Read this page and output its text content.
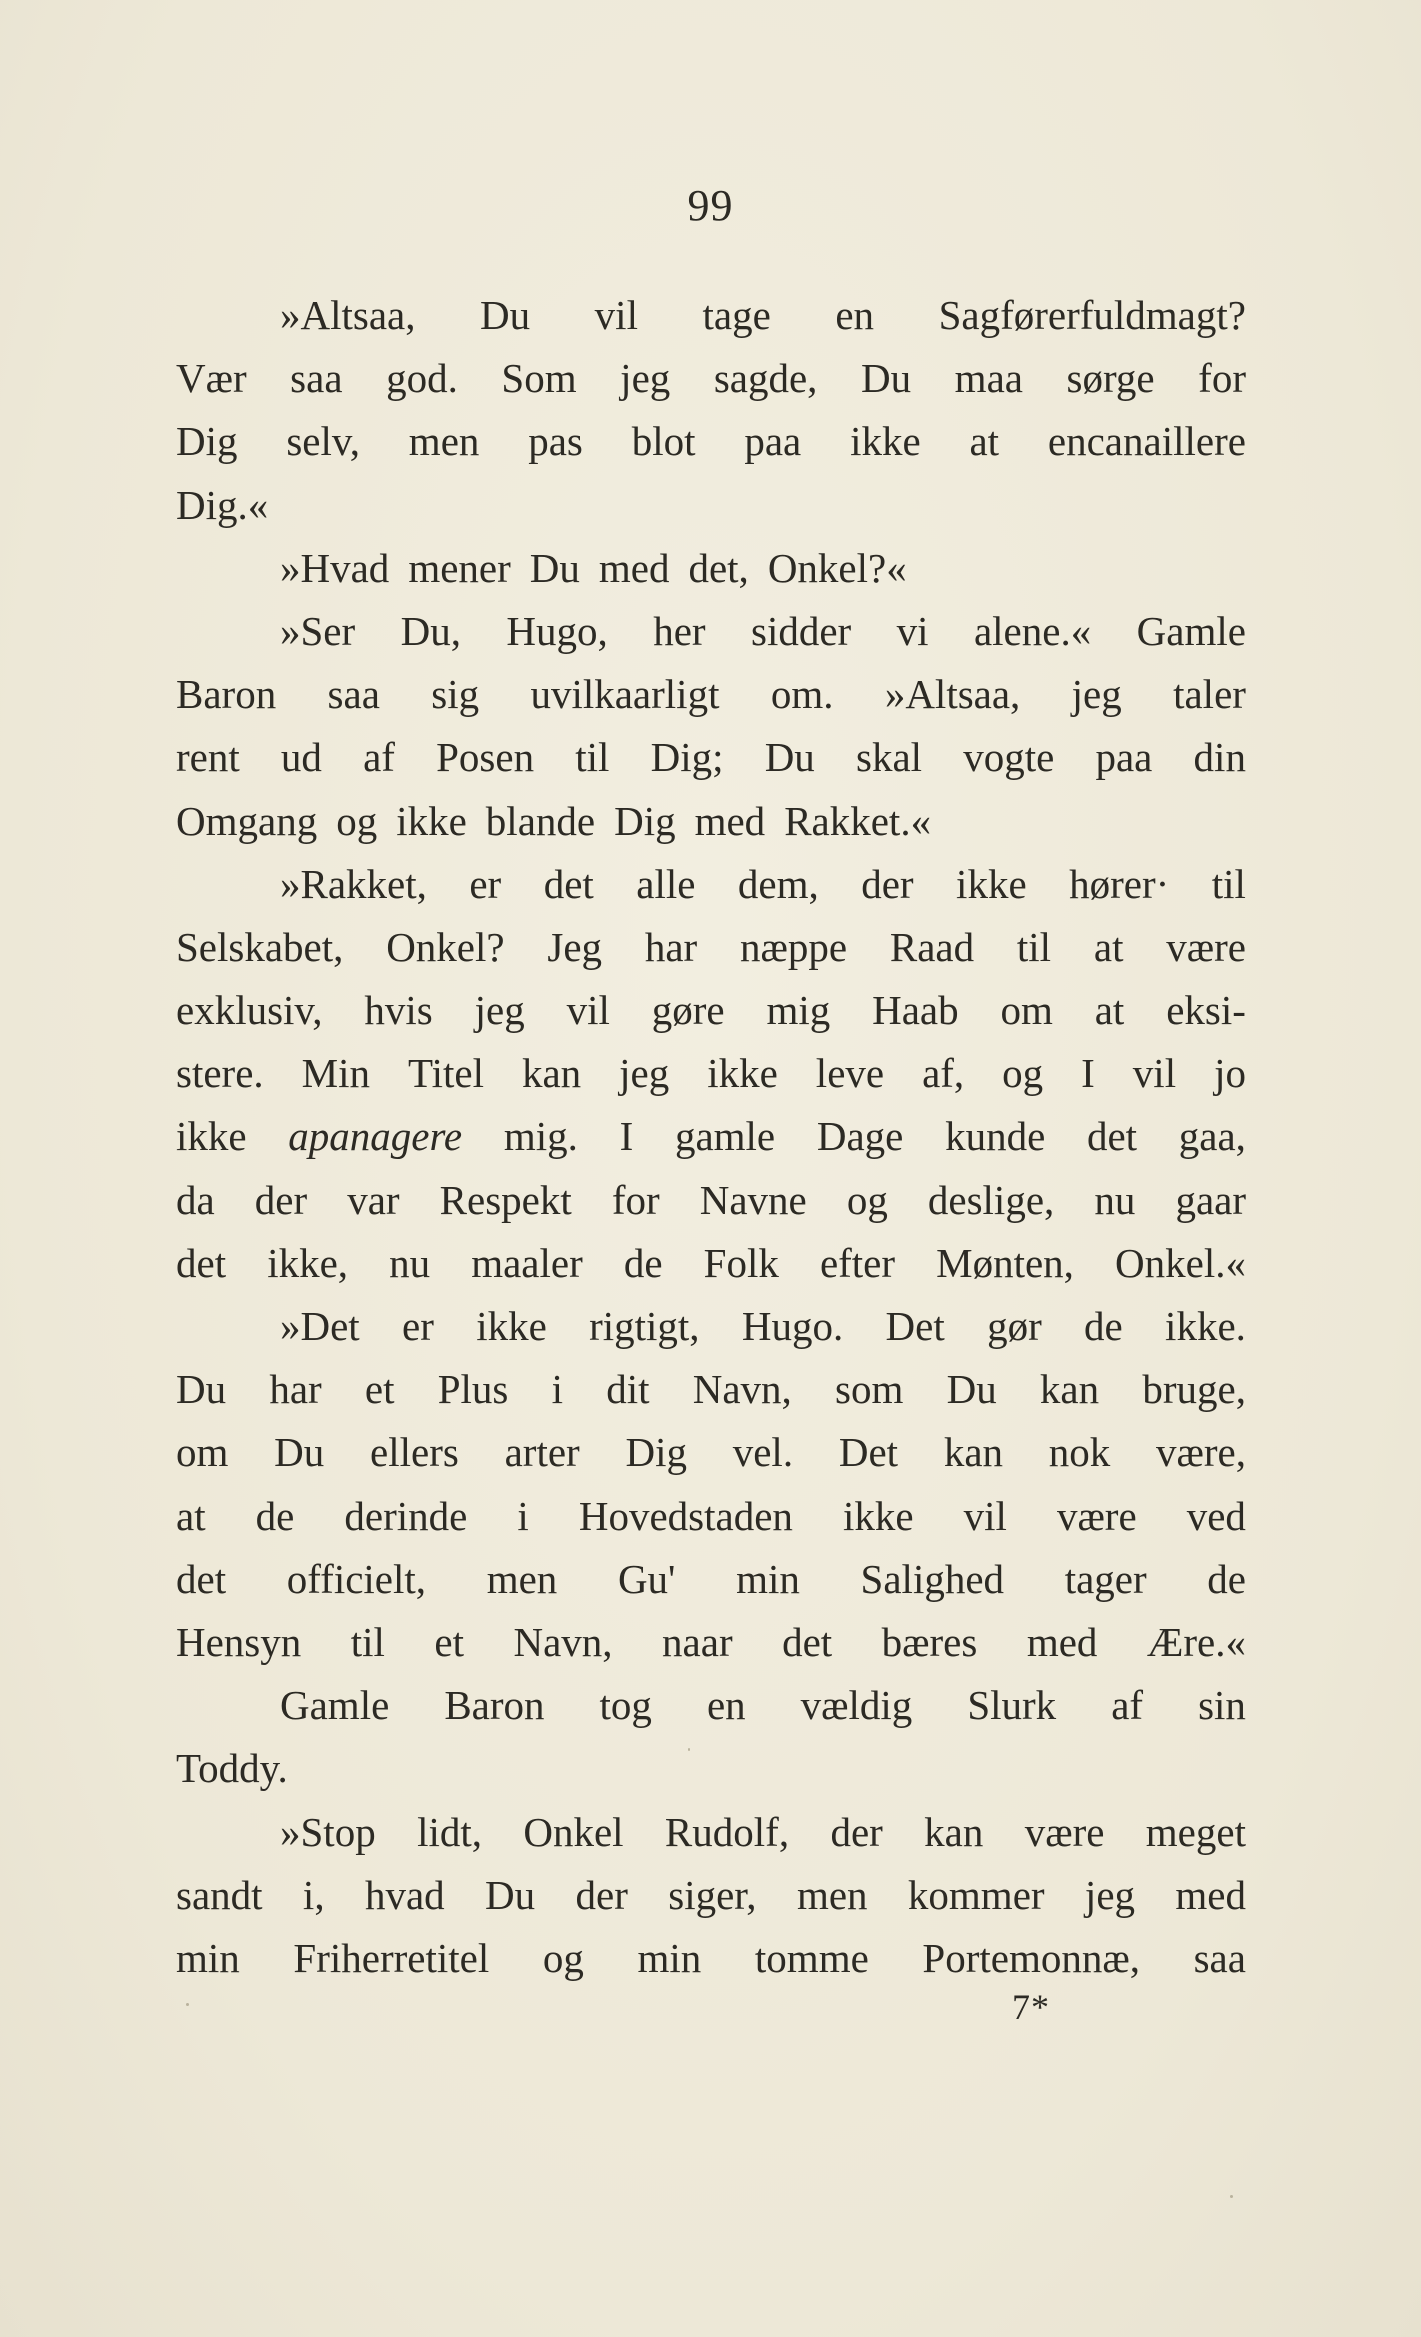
99
»Altsaa, Du vil tage en Sagførerfuldmagt?
Vær saa god. Som jeg sagde, Du maa sørge for
Dig selv, men pas blot paa ikke at encanaillere
Dig.«
»Hvad mener Du med det, Onkel?«
»Ser Du, Hugo, her sidder vi alene.« Gamle
Baron saa sig uvilkaarligt om. »Altsaa, jeg taler
rent ud af Posen til Dig; Du skal vogte paa din
Omgang og ikke blande Dig med Rakket.«
»Rakket, er det alle dem, der ikke hører· til
Selskabet, Onkel? Jeg har næppe Raad til at være
exklusiv, hvis jeg vil gøre mig Haab om at eksi-
stere. Min Titel kan jeg ikke leve af, og I vil jo
ikke apanagere mig. I gamle Dage kunde det gaa,
da der var Respekt for Navne og deslige, nu gaar
det ikke, nu maaler de Folk efter Mønten, Onkel.«
»Det er ikke rigtigt, Hugo. Det gør de ikke.
Du har et Plus i dit Navn, som Du kan bruge,
om Du ellers arter Dig vel. Det kan nok være,
at de derinde i Hovedstaden ikke vil være ved
det officielt, men Gu' min Salighed tager de
Hensyn til et Navn, naar det bæres med Ære.«
Gamle Baron tog en vældig Slurk af sin
Toddy.
»Stop lidt, Onkel Rudolf, der kan være meget
sandt i, hvad Du der siger, men kommer jeg med
min Friherretitel og min tomme Portemonnæ, saa
7*
